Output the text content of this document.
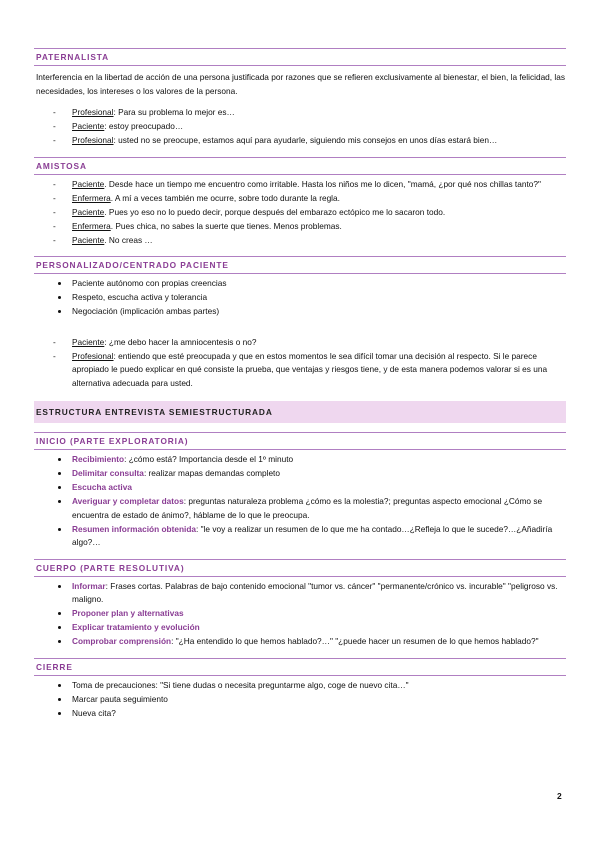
PATERNALISTA

Interferencia en la libertad de acción de una persona justificada por razones que se refieren exclusivamente al bienestar, el bien, la felicidad, las necesidades, los intereses o los valores de la persona.

- Profesional: Para su problema lo mejor es…
- Paciente: estoy preocupado…
- Profesional: usted no se preocupe, estamos aquí para ayudarle, siguiendo mis consejos en unos días estará bien…
AMISTOSA
- Paciente. Desde hace un tiempo me encuentro como irritable. Hasta los niños me lo dicen, "mamá, ¿por qué nos chillas tanto?"
- Enfermera. A mí a veces también me ocurre, sobre todo durante la regla.
- Paciente. Pues yo eso no lo puedo decir, porque después del embarazo ectópico me lo sacaron todo.
- Enfermera. Pues chica, no sabes la suerte que tienes. Menos problemas.
- Paciente. No creas …
PERSONALIZADO/CENTRADO PACIENTE
Paciente autónomo con propias creencias
Respeto, escucha activa y tolerancia
Negociación (implicación ambas partes)
- Paciente: ¿me debo hacer la amniocentesis o no?
- Profesional: entiendo que esté preocupada y que en estos momentos le sea difícil tomar una decisión al respecto. Si le parece apropiado le puedo explicar en qué consiste la prueba, que ventajas y riesgos tiene, y de esta manera podemos valorar si es una alternativa adecuada para usted.
ESTRUCTURA ENTREVISTA SEMIESTRUCTURADA
INICIO (PARTE EXPLORATORIA)
Recibimiento: ¿cómo está? Importancia desde el 1º minuto
Delimitar consulta: realizar mapas demandas completo
Escucha activa
Averiguar y completar datos: preguntas naturaleza problema ¿cómo es la molestia?; preguntas aspecto emocional ¿Cómo se encuentra de estado de ánimo?, háblame de lo que le preocupa.
Resumen información obtenida: "le voy a realizar un resumen de lo que me ha contado…¿Refleja lo que le sucede?…¿Añadiría algo?…
CUERPO (PARTE RESOLUTIVA)
Informar: Frases cortas. Palabras de bajo contenido emocional "tumor vs. cáncer" "permanente/crónico vs. incurable" "peligroso vs. maligno.
Proponer plan y alternativas
Explicar tratamiento y evolución
Comprobar comprensión: "¿Ha entendido lo que hemos hablado?…" "¿puede hacer un resumen de lo que hemos hablado?"
CIERRE
Toma de precauciones: "Si tiene dudas o necesita preguntarme algo, coge de nuevo cita…"
Marcar pauta seguimiento
Nueva cita?
2
